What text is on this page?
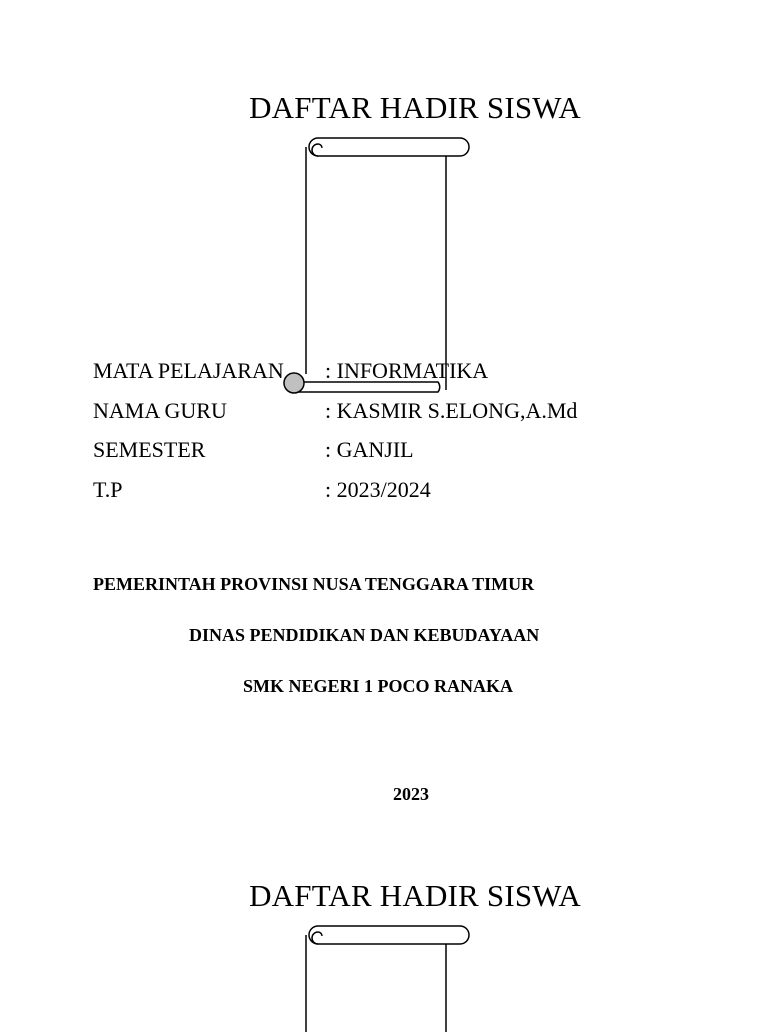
DAFTAR HADIR SISWA
MATA PELAJARAN : INFORMATIKA
NAMA GURU	: KASMIR S.ELONG,A.Md
SEMESTER	: GANJIL
T.P	: 2023/2024
PEMERINTAH PROVINSI NUSA TENGGARA TIMUR
DINAS PENDIDIKAN DAN KEBUDAYAAN
SMK NEGERI 1 POCO RANAKA
2023
DAFTAR HADIR SISWA
